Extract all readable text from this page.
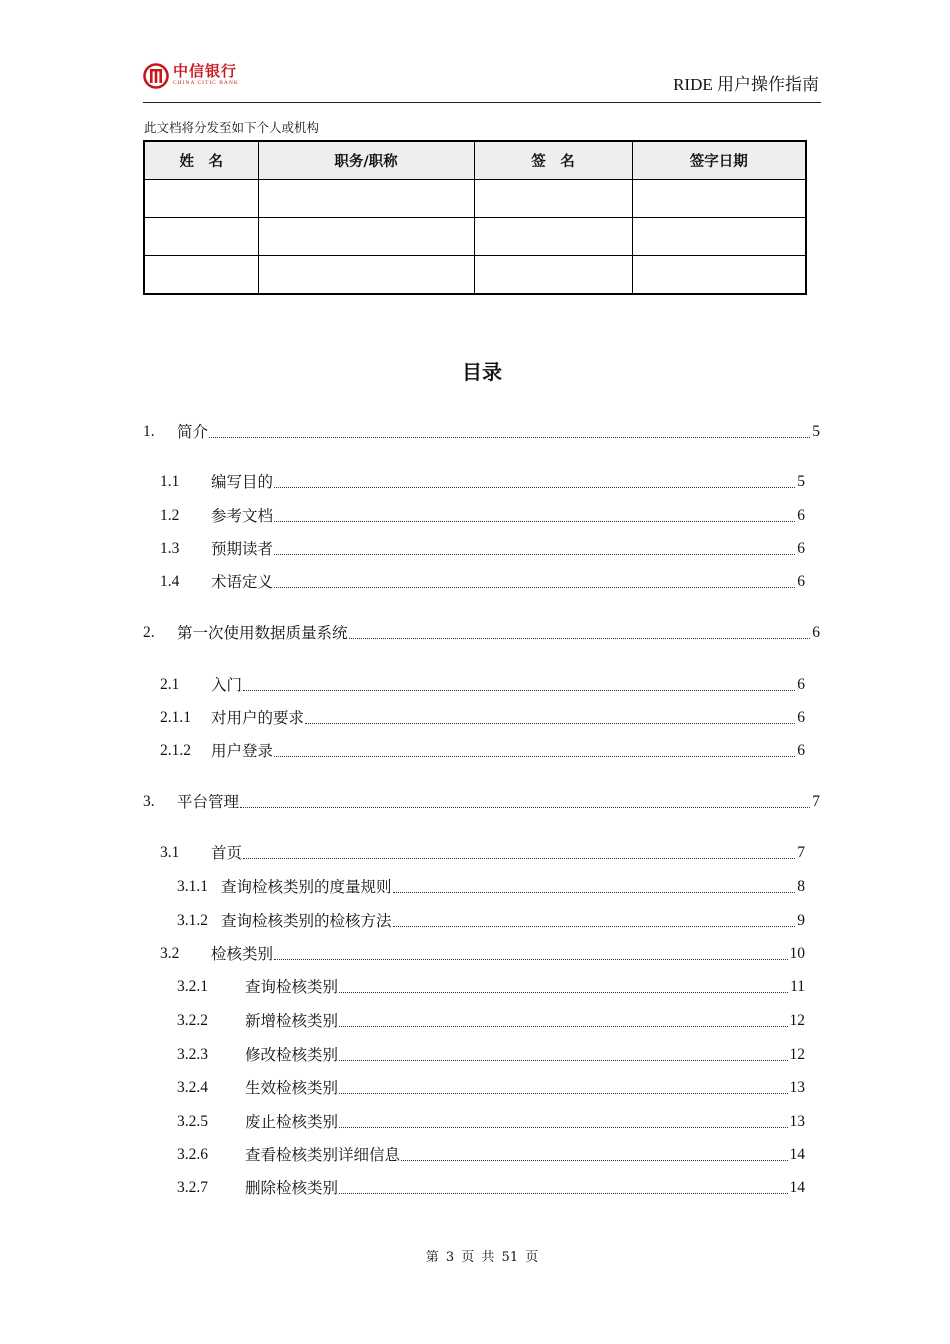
中信银行
CHINA CITIC BANK	RIDE 用户操作指南
此文档将分发至如下个人或机构
姓　名	职务/职称	签　名	签字日期

目录
1.	简介	5
1.1	编写目的	5
1.2	参考文档	6
1.3	预期读者	6
1.4	术语定义	6
2.	第一次使用数据质量系统	6
2.1	入门	6
2.1.1	对用户的要求	6
2.1.2	用户登录	6
3.	平台管理	7
3.1	首页	7
3.1.1 查询检核类别的度量规则	8
3.1.2 查询检核类别的检核方法	9
3.2	检核类别	10
3.2.1	查询检核类别	11
3.2.2	新增检核类别	12
3.2.3	修改检核类别	12
3.2.4	生效检核类别	13
3.2.5	废止检核类别	13
3.2.6	查看检核类别详细信息	14
3.2.7	删除检核类别	14
第 3 页 共 51 页
